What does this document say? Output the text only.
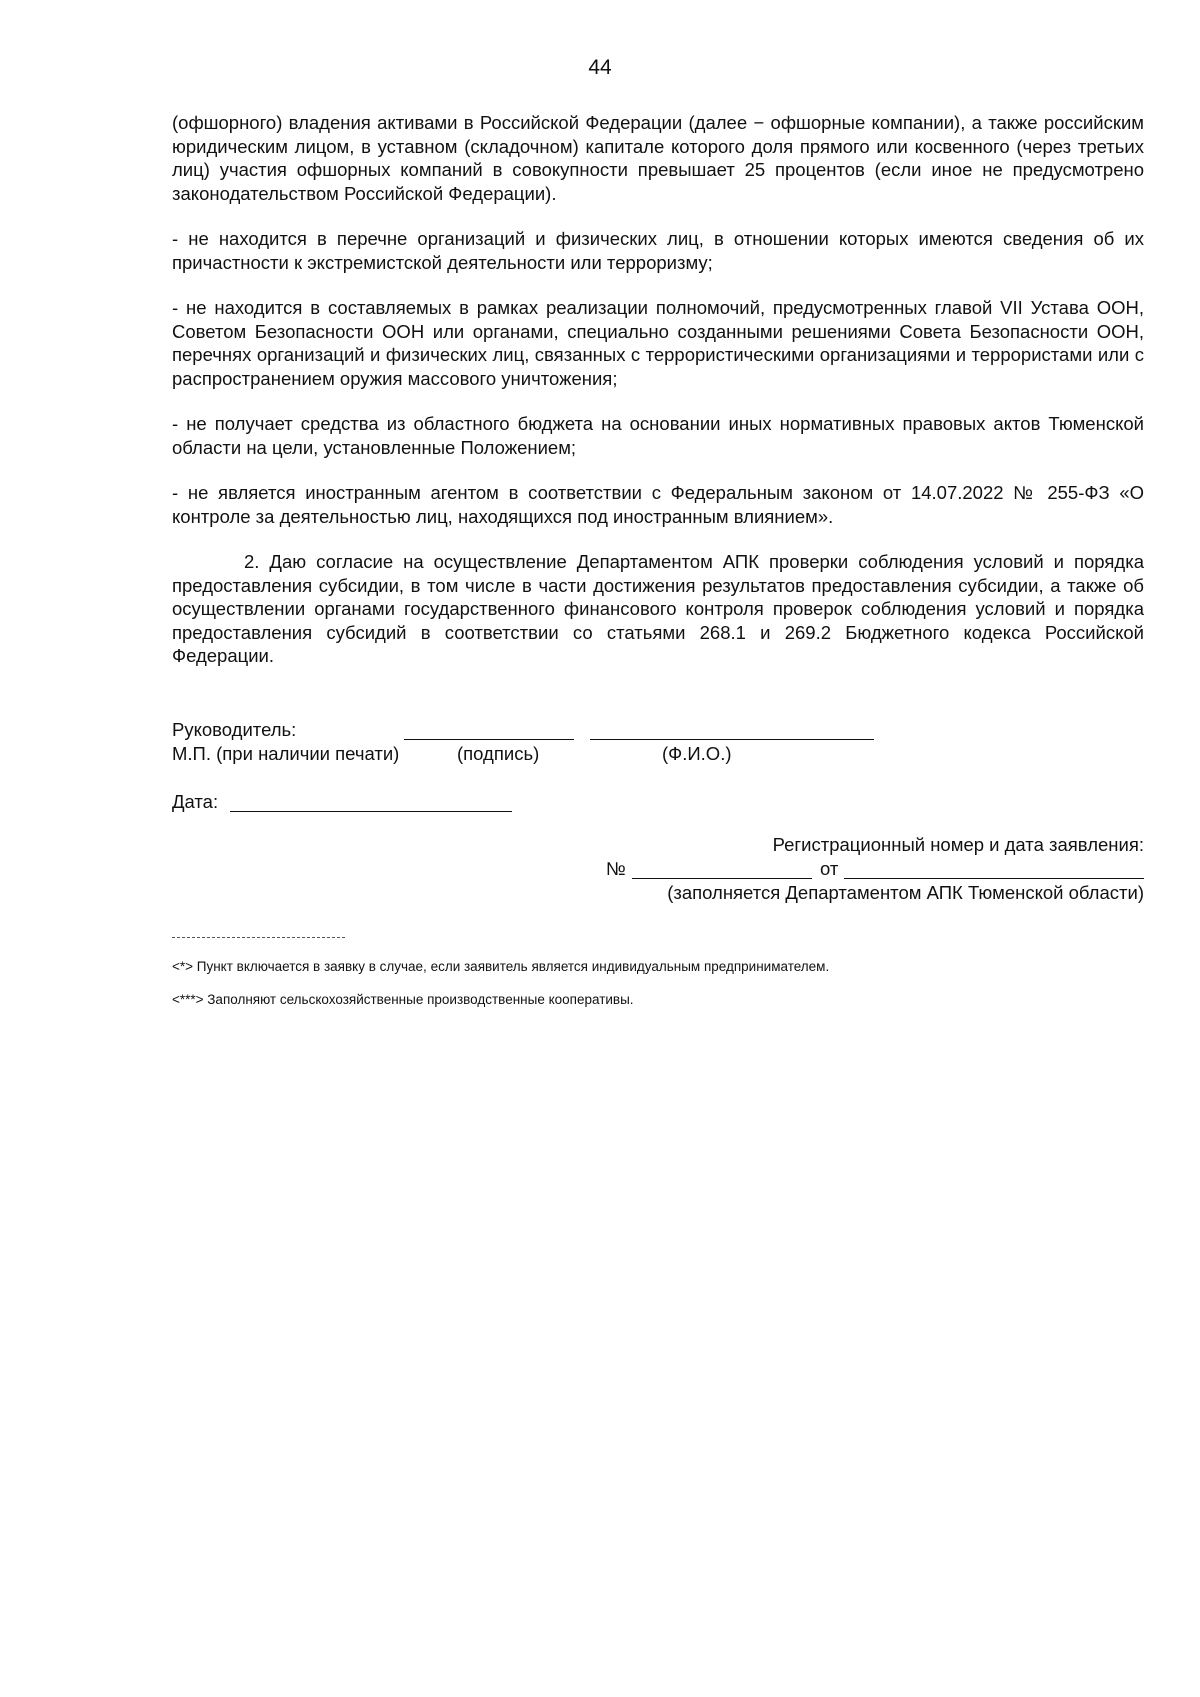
44

(офшорного) владения активами в Российской Федерации (далее − офшорные компании), а также российским юридическим лицом, в уставном (складочном) капитале которого доля прямого или косвенного (через третьих лиц) участия офшорных компаний в совокупности превышает 25 процентов (если иное не предусмотрено законодательством Российской Федерации).

- не находится в перечне организаций и физических лиц, в отношении которых имеются сведения об их причастности к экстремистской деятельности или терроризму;

- не находится в составляемых в рамках реализации полномочий, предусмотренных главой VII Устава ООН, Советом Безопасности ООН или органами, специально созданными решениями Совета Безопасности ООН, перечнях организаций и физических лиц, связанных с террористическими организациями и террористами или с распространением оружия массового уничтожения;

- не получает средства из областного бюджета на основании иных нормативных правовых актов Тюменской области на цели, установленные Положением;

- не является иностранным агентом в соответствии с Федеральным законом от 14.07.2022 № 255-ФЗ «О контроле за деятельностью лиц, находящихся под иностранным влиянием».

2. Даю согласие на осуществление Департаментом АПК проверки соблюдения условий и порядка предоставления субсидии, в том числе в части достижения результатов предоставления субсидии, а также об осуществлении органами государственного финансового контроля проверок соблюдения условий и порядка предоставления субсидий в соответствии со статьями 268.1 и 269.2 Бюджетного кодекса Российской Федерации.

Руководитель:
М.П. (при наличии печати)	(подпись)	(Ф.И.О.)
Дата:
Регистрационный номер и дата заявления:
№	от
(заполняется Департаментом АПК Тюменской области)

<*> Пункт включается в заявку в случае, если заявитель является индивидуальным предпринимателем.

<***> Заполняют сельскохозяйственные производственные кооперативы.
